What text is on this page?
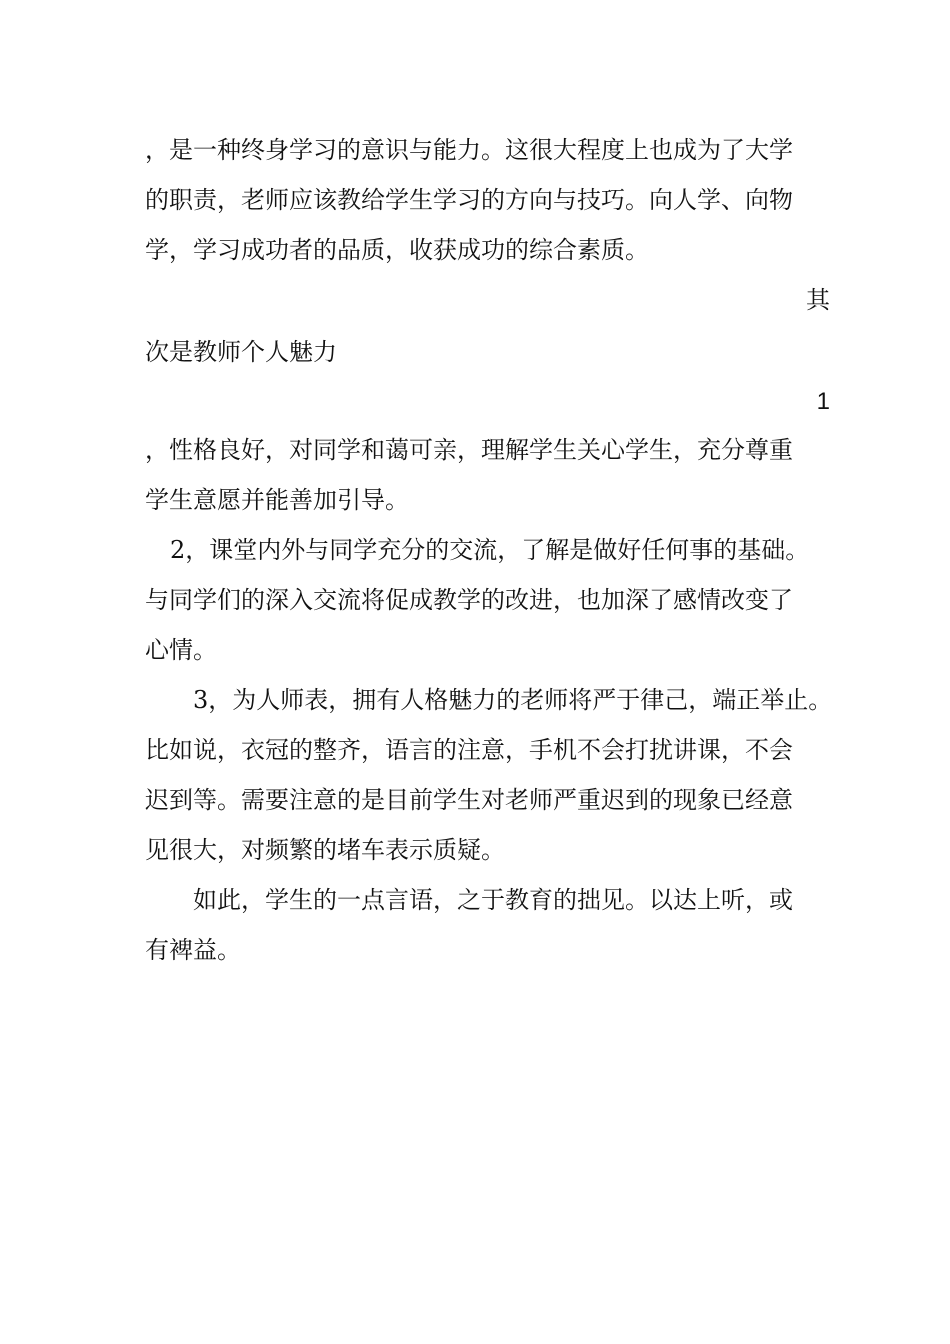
，是一种终身学习的意识与能力。这很大程度上也成为了大学
的职责，老师应该教给学生学习的方向与技巧。向人学、向物
学，学习成功者的品质，收获成功的综合素质。
其
次是教师个人魅力
1
，性格良好，对同学和蔼可亲，理解学生关心学生，充分尊重
学生意愿并能善加引导。
2，课堂内外与同学充分的交流，了解是做好任何事的基础。
与同学们的深入交流将促成教学的改进，也加深了感情改变了
心情。
3，为人师表，拥有人格魅力的老师将严于律己，端正举止。
比如说，衣冠的整齐，语言的注意，手机不会打扰讲课，不会
迟到等。需要注意的是目前学生对老师严重迟到的现象已经意
见很大，对频繁的堵车表示质疑。
如此，学生的一点言语，之于教育的拙见。以达上听，或
有裨益。
